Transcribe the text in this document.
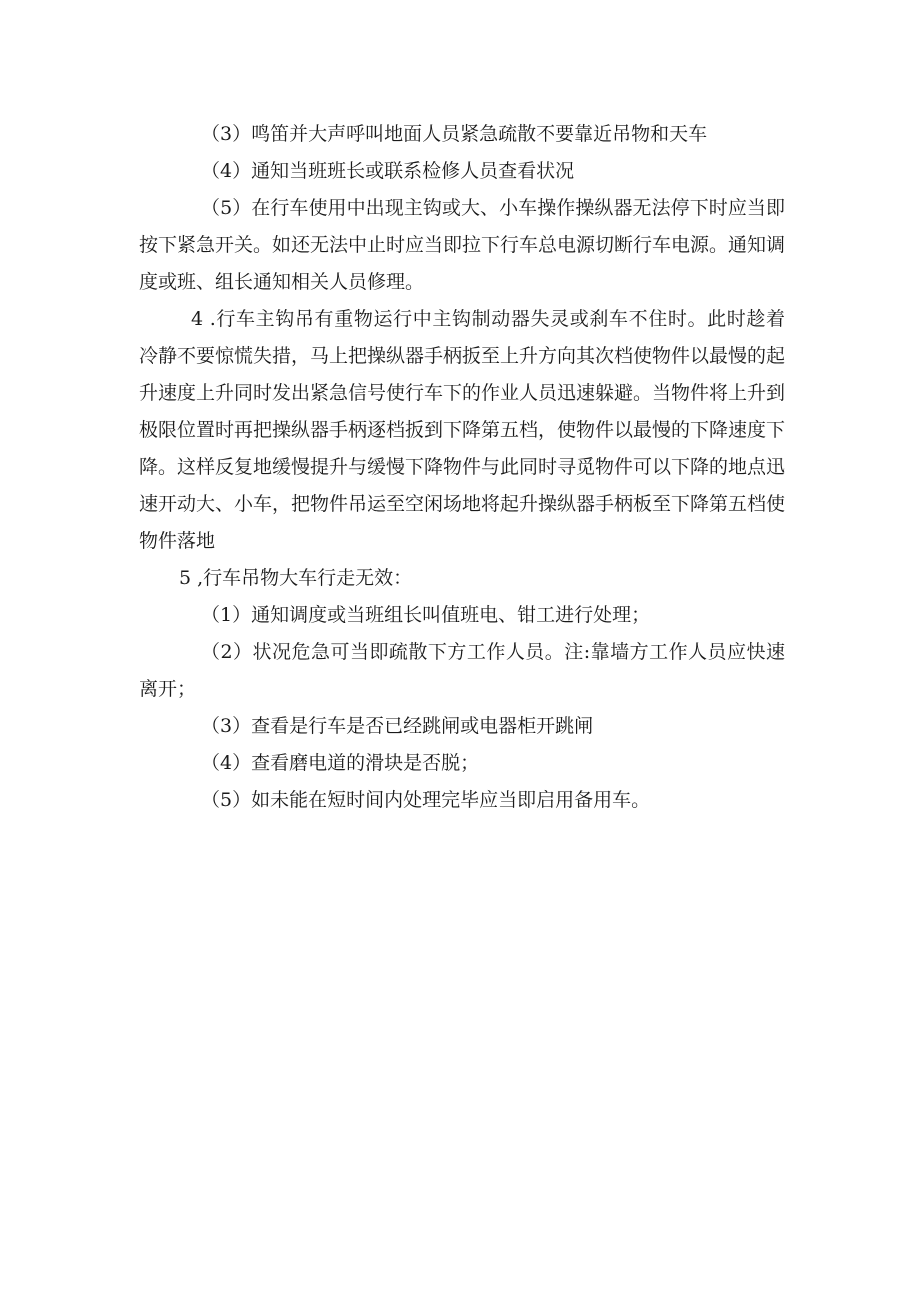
（3）鸣笛并大声呼叫地面人员紧急疏散不要靠近吊物和天车

（4）通知当班班长或联系检修人员查看状况

（5）在行车使用中出现主钩或大、小车操作操纵器无法停下时应当即按下紧急开关。如还无法中止时应当即拉下行车总电源切断行车电源。通知调度或班、组长通知相关人员修理。

4 .行车主钩吊有重物运行中主钩制动器失灵或刹车不住时。此时趁着冷静不要惊慌失措，马上把操纵器手柄扳至上升方向其次档使物件以最慢的起升速度上升同时发出紧急信号使行车下的作业人员迅速躲避。当物件将上升到极限位置时再把操纵器手柄逐档扳到下降第五档，使物件以最慢的下降速度下降。这样反复地缓慢提升与缓慢下降物件与此同时寻觅物件可以下降的地点迅速开动大、小车，把物件吊运至空闲场地将起升操纵器手柄板至下降第五档使物件落地

5 ,行车吊物大车行走无效：

（1）通知调度或当班组长叫值班电、钳工进行处理；

（2）状况危急可当即疏散下方工作人员。注:靠墙方工作人员应快速离开；

（3）查看是行车是否已经跳闸或电器柜开跳闸

（4）查看磨电道的滑块是否脱；

（5）如未能在短时间内处理完毕应当即启用备用车。
